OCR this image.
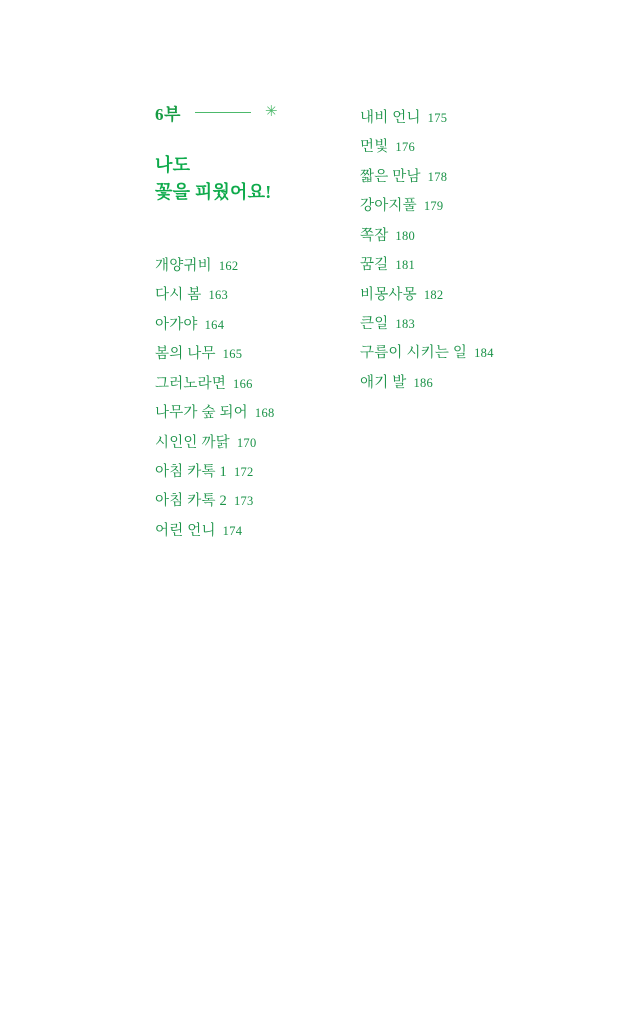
6부	✳
나도
꽃을 피웠어요!
개양귀비 162
다시 봄 163
아가야 164
봄의 나무 165
그러노라면 166
나무가 숲 되어 168
시인인 까닭 170
아침 카톡 1 172
아침 카톡 2 173
어린 언니 174
내비 언니 175
먼빛 176
짧은 만남 178
강아지풀 179
쪽잠 180
꿈길 181
비몽사몽 182
큰일 183
구름이 시키는 일 184
애기 발 186
